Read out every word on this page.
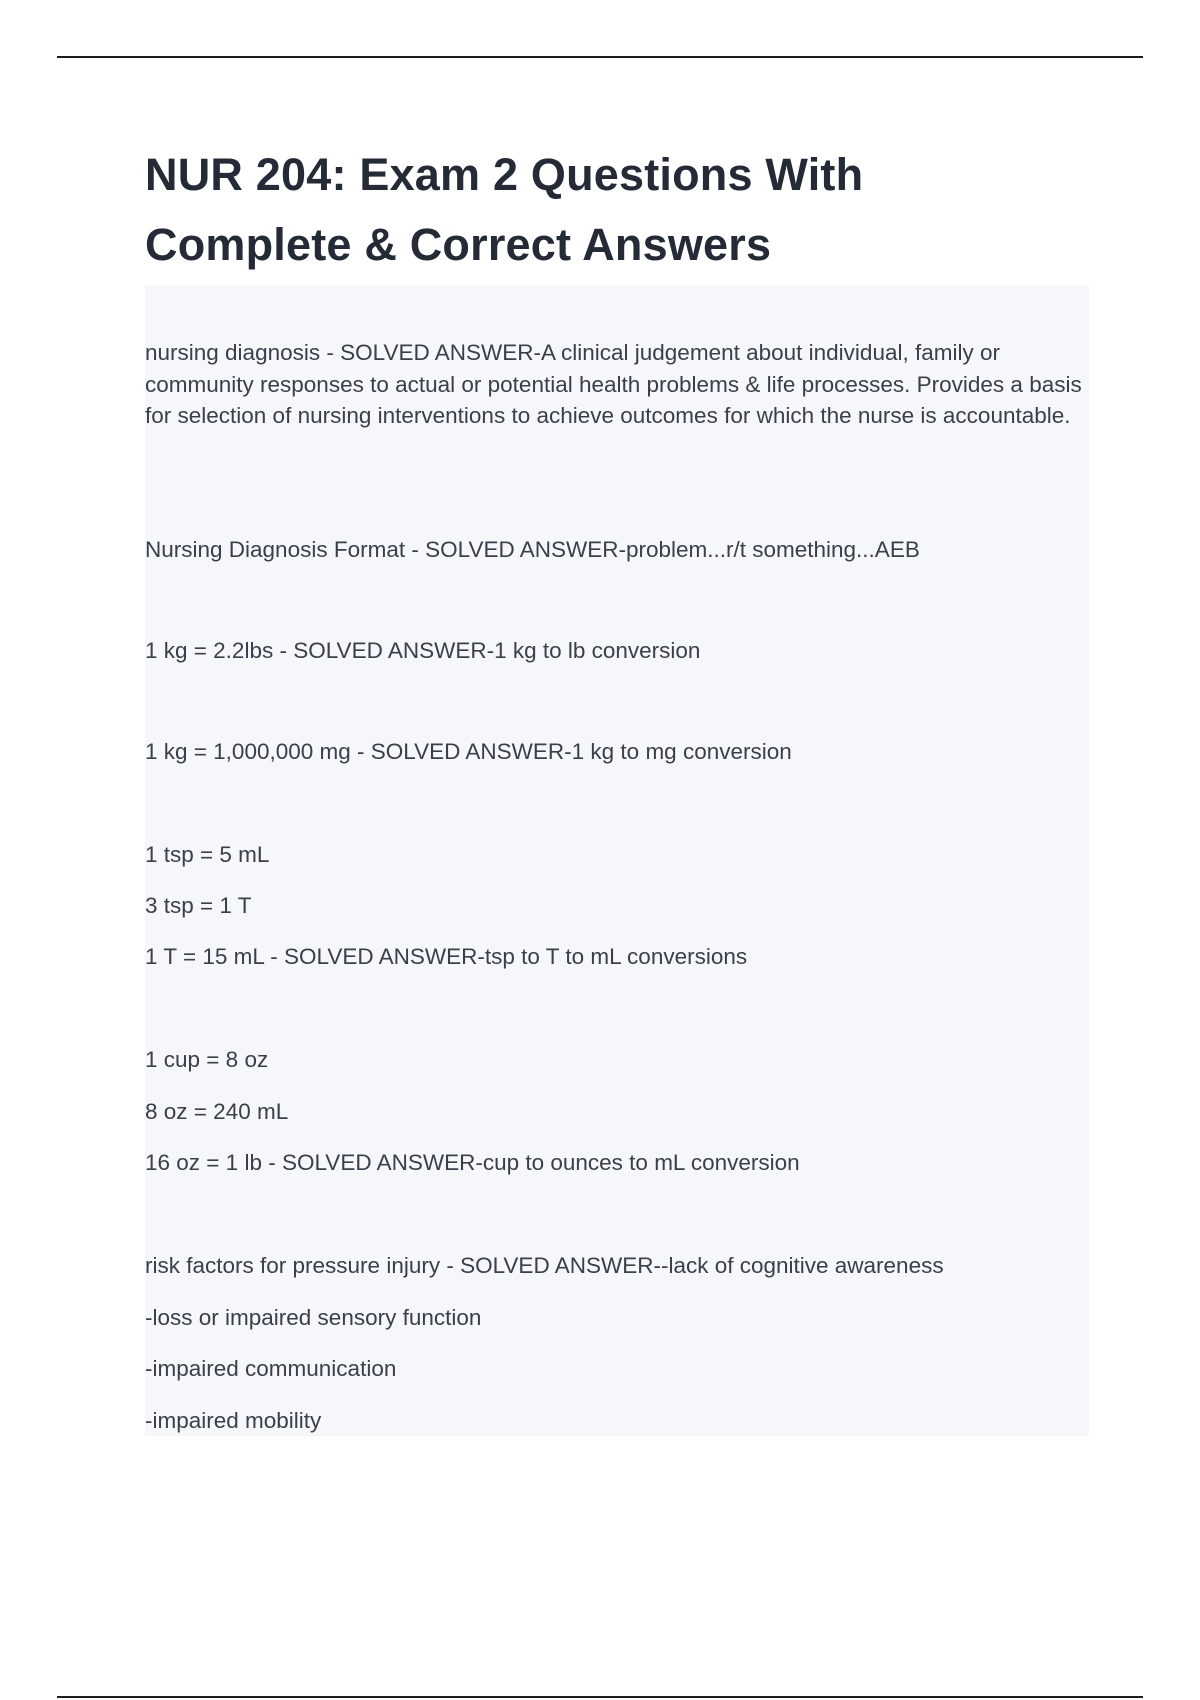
NUR 204: Exam 2 Questions With
Complete & Correct Answers

nursing diagnosis - SOLVED ANSWER-A clinical judgement about individual, family or community responses to actual or potential health problems & life processes. Provides a basis for selection of nursing interventions to achieve outcomes for which the nurse is accountable.

Nursing Diagnosis Format - SOLVED ANSWER-problem...r/t something...AEB

1 kg = 2.2lbs - SOLVED ANSWER-1 kg to lb conversion

1 kg = 1,000,000 mg - SOLVED ANSWER-1 kg to mg conversion

1 tsp = 5 mL

3 tsp = 1 T

1 T = 15 mL - SOLVED ANSWER-tsp to T to mL conversions

1 cup = 8 oz

8 oz = 240 mL

16 oz = 1 lb - SOLVED ANSWER-cup to ounces to mL conversion

risk factors for pressure injury - SOLVED ANSWER--lack of cognitive awareness

-loss or impaired sensory function

-impaired communication

-impaired mobility
